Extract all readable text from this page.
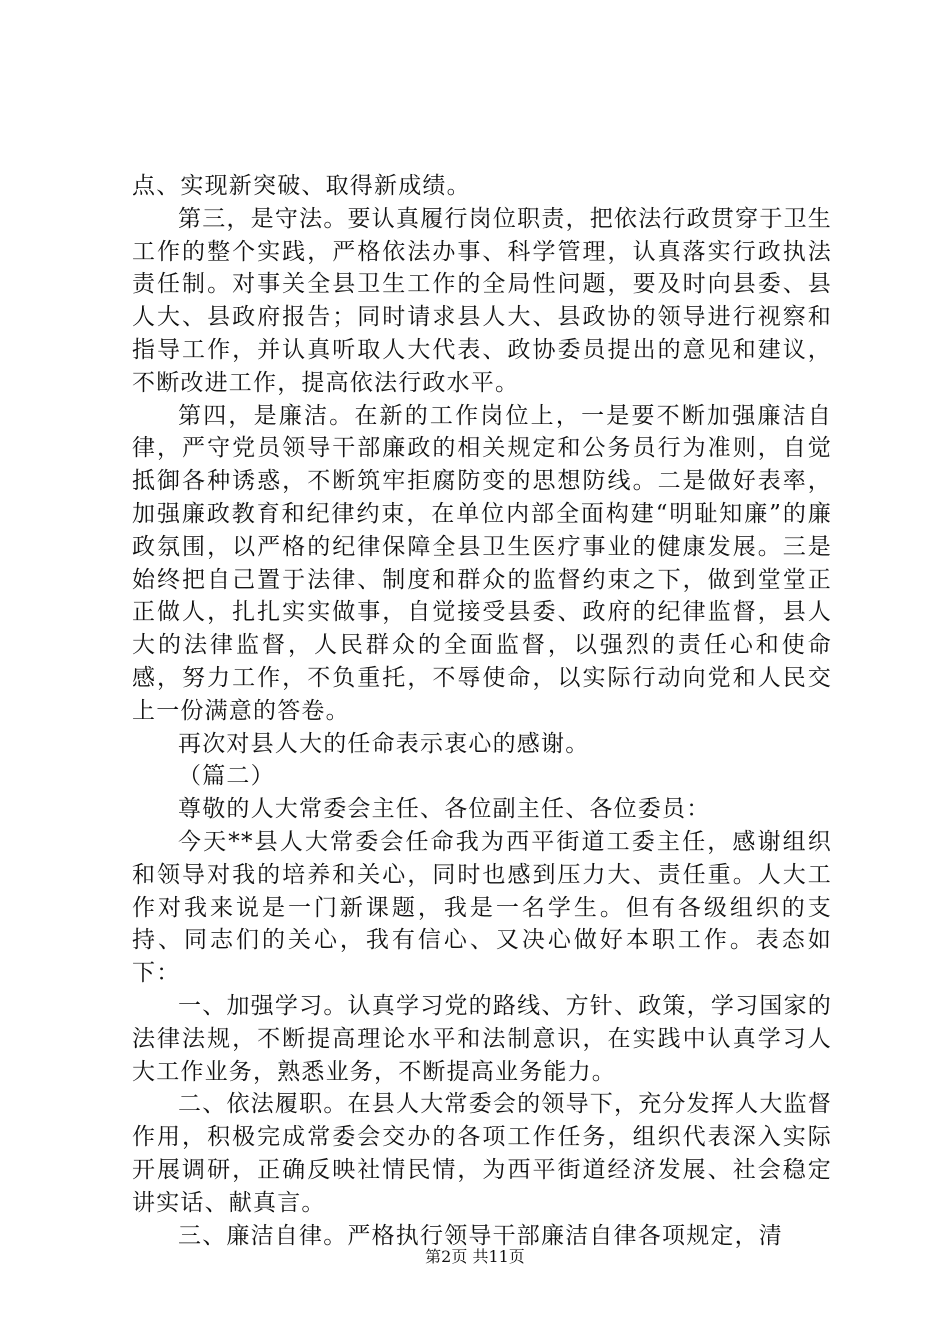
点、实现新突破、取得新成绩。

第三，是守法。要认真履行岗位职责，把依法行政贯穿于卫生工作的整个实践，严格依法办事、科学管理，认真落实行政执法责任制。对事关全县卫生工作的全局性问题，要及时向县委、县人大、县政府报告；同时请求县人大、县政协的领导进行视察和指导工作，并认真听取人大代表、政协委员提出的意见和建议，不断改进工作，提高依法行政水平。

第四，是廉洁。在新的工作岗位上，一是要不断加强廉洁自律，严守党员领导干部廉政的相关规定和公务员行为准则，自觉抵御各种诱惑，不断筑牢拒腐防变的思想防线。二是做好表率，加强廉政教育和纪律约束，在单位内部全面构建“明耻知廉”的廉政氛围，以严格的纪律保障全县卫生医疗事业的健康发展。三是始终把自己置于法律、制度和群众的监督约束之下，做到堂堂正正做人，扎扎实实做事，自觉接受县委、政府的纪律监督，县人大的法律监督，人民群众的全面监督，以强烈的责任心和使命感，努力工作，不负重托，不辱使命，以实际行动向党和人民交上一份满意的答卷。

再次对县人大的任命表示衷心的感谢。

（篇二）

尊敬的人大常委会主任、各位副主任、各位委员：

今天**县人大常委会任命我为西平街道工委主任，感谢组织和领导对我的培养和关心，同时也感到压力大、责任重。人大工作对我来说是一门新课题，我是一名学生。但有各级组织的支持、同志们的关心，我有信心、又决心做好本职工作。表态如下：

一、加强学习。认真学习党的路线、方针、政策，学习国家的法律法规，不断提高理论水平和法制意识，在实践中认真学习人大工作业务，熟悉业务，不断提高业务能力。

二、依法履职。在县人大常委会的领导下，充分发挥人大监督作用，积极完成常委会交办的各项工作任务，组织代表深入实际开展调研，正确反映社情民情，为西平街道经济发展、社会稳定讲实话、献真言。

三、廉洁自律。严格执行领导干部廉洁自律各项规定，清

第2页 共11页
